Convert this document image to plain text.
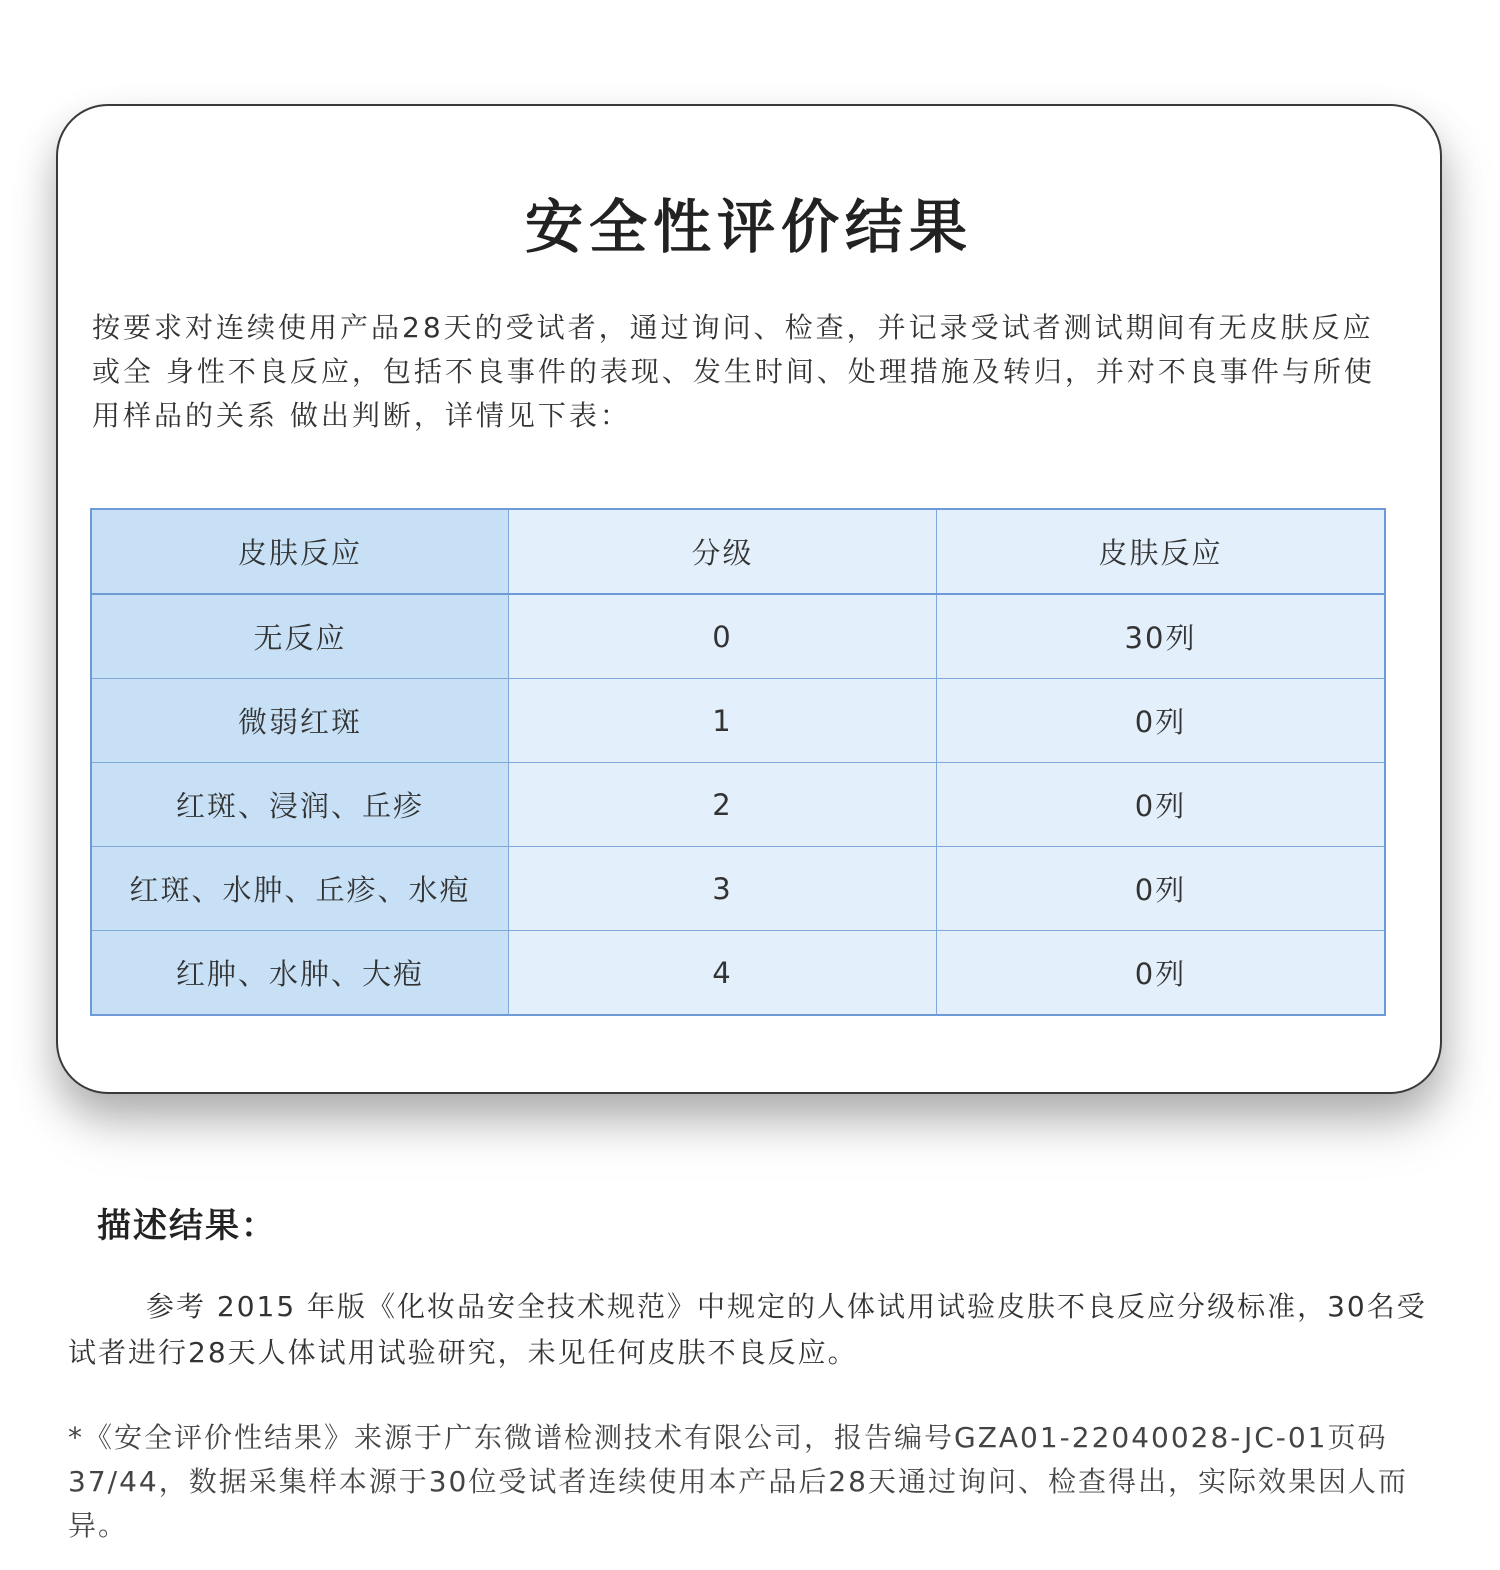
安全性评价结果

按要求对连续使用产品28天的受试者，通过询问、检查，并记录受试者测试期间有无皮肤反应或全 身性不良反应，包括不良事件的表现、发生时间、处理措施及转归，并对不良事件与所使用样品的关系 做出判断，详情见下表：

皮肤反应	分级	皮肤反应
无反应	0	30列
微弱红斑	1	0列
红斑、浸润、丘疹	2	0列
红斑、水肿、丘疹、水疱	3	0列
红肿、水肿、大疱	4	0列
描述结果：

参考 2015 年版《化妆品安全技术规范》中规定的人体试用试验皮肤不良反应分级标准，30名受试者进行28天人体试用试验研究，未见任何皮肤不良反应。

*《安全评价性结果》来源于广东微谱检测技术有限公司，报告编号GZA01-22040028-JC-01页码37/44，数据采集样本源于30位受试者连续使用本产品后28天通过询问、检查得出，实际效果因人而异。
